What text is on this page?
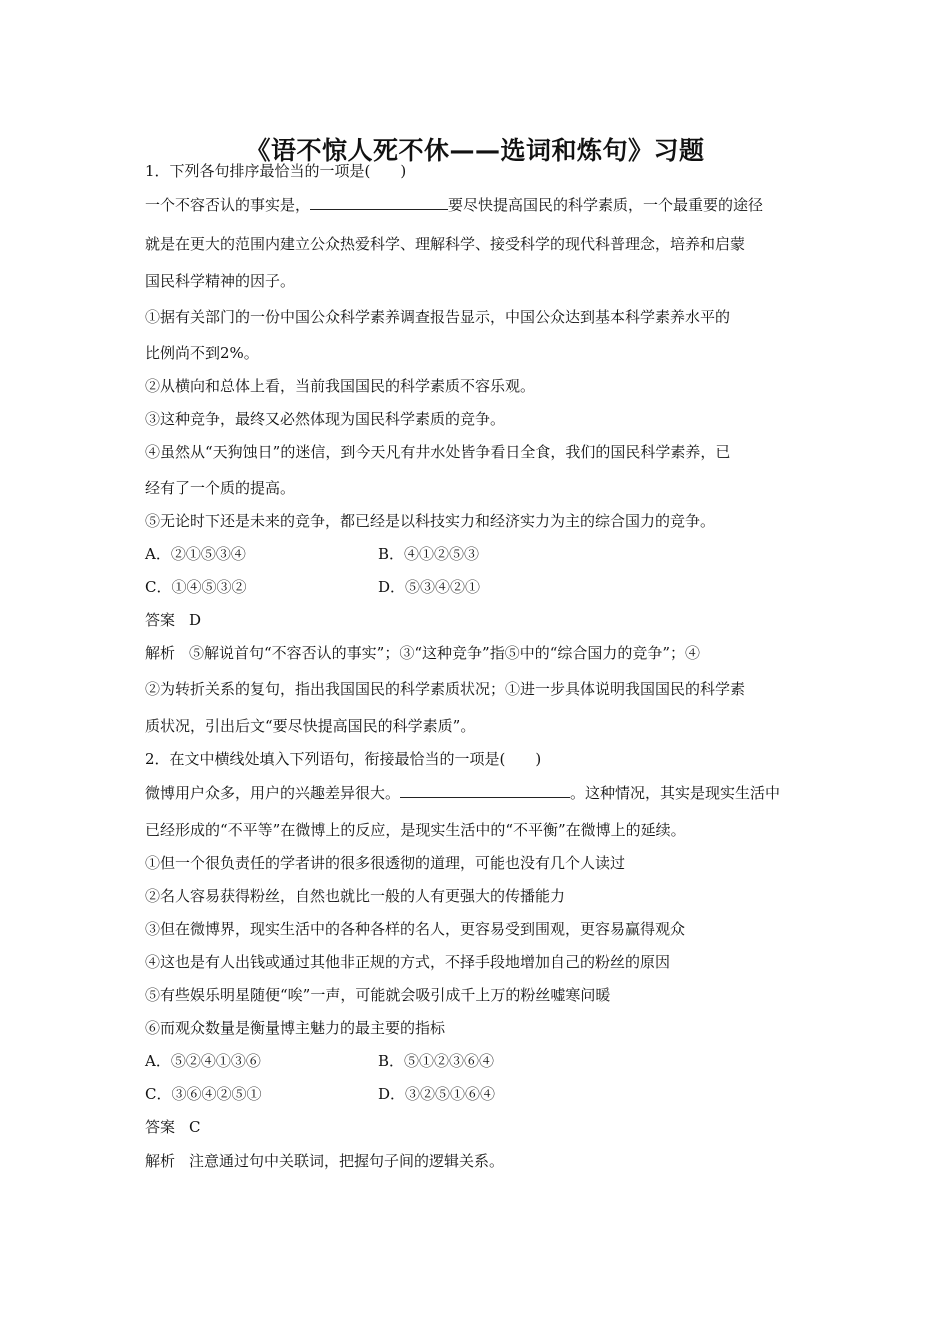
《语不惊人死不休——选词和炼句》习题
1．下列各句排序最恰当的一项是(　　)
一个不容否认的事实是，	要尽快提高国民的科学素质，一个最重要的途径
就是在更大的范围内建立公众热爱科学、理解科学、接受科学的现代科普理念，培养和启蒙
国民科学精神的因子。
①据有关部门的一份中国公众科学素养调查报告显示，中国公众达到基本科学素养水平的
比例尚不到2%。
②从横向和总体上看，当前我国国民的科学素质不容乐观。
③这种竞争，最终又必然体现为国民科学素质的竞争。
④虽然从“天狗蚀日”的迷信，到今天凡有井水处皆争看日全食，我们的国民科学素养，已
经有了一个质的提高。
⑤无论时下还是未来的竞争，都已经是以科技实力和经济实力为主的综合国力的竞争。
A．②①⑤③④	B．④①②⑤③
C．①④⑤③②	D．⑤③④②①
答案 D
解析 ⑤解说首句“不容否认的事实”；③“这种竞争”指⑤中的“综合国力的竞争”；④
②为转折关系的复句，指出我国国民的科学素质状况；①进一步具体说明我国国民的科学素
质状况，引出后文“要尽快提高国民的科学素质”。
2．在文中横线处填入下列语句，衔接最恰当的一项是(　　)
微博用户众多，用户的兴趣差异很大。	。这种情况，其实是现实生活中
已经形成的“不平等”在微博上的反应，是现实生活中的“不平衡”在微博上的延续。
①但一个很负责任的学者讲的很多很透彻的道理，可能也没有几个人读过
②名人容易获得粉丝，自然也就比一般的人有更强大的传播能力
③但在微博界，现实生活中的各种各样的名人，更容易受到围观，更容易赢得观众
④这也是有人出钱或通过其他非正规的方式，不择手段地增加自己的粉丝的原因
⑤有些娱乐明星随便“唉”一声，可能就会吸引成千上万的粉丝嘘寒问暖
⑥而观众数量是衡量博主魅力的最主要的指标
A．⑤②④①③⑥	B．⑤①②③⑥④
C．③⑥④②⑤①	D．③②⑤①⑥④
答案 C
解析 注意通过句中关联词，把握句子间的逻辑关系。
